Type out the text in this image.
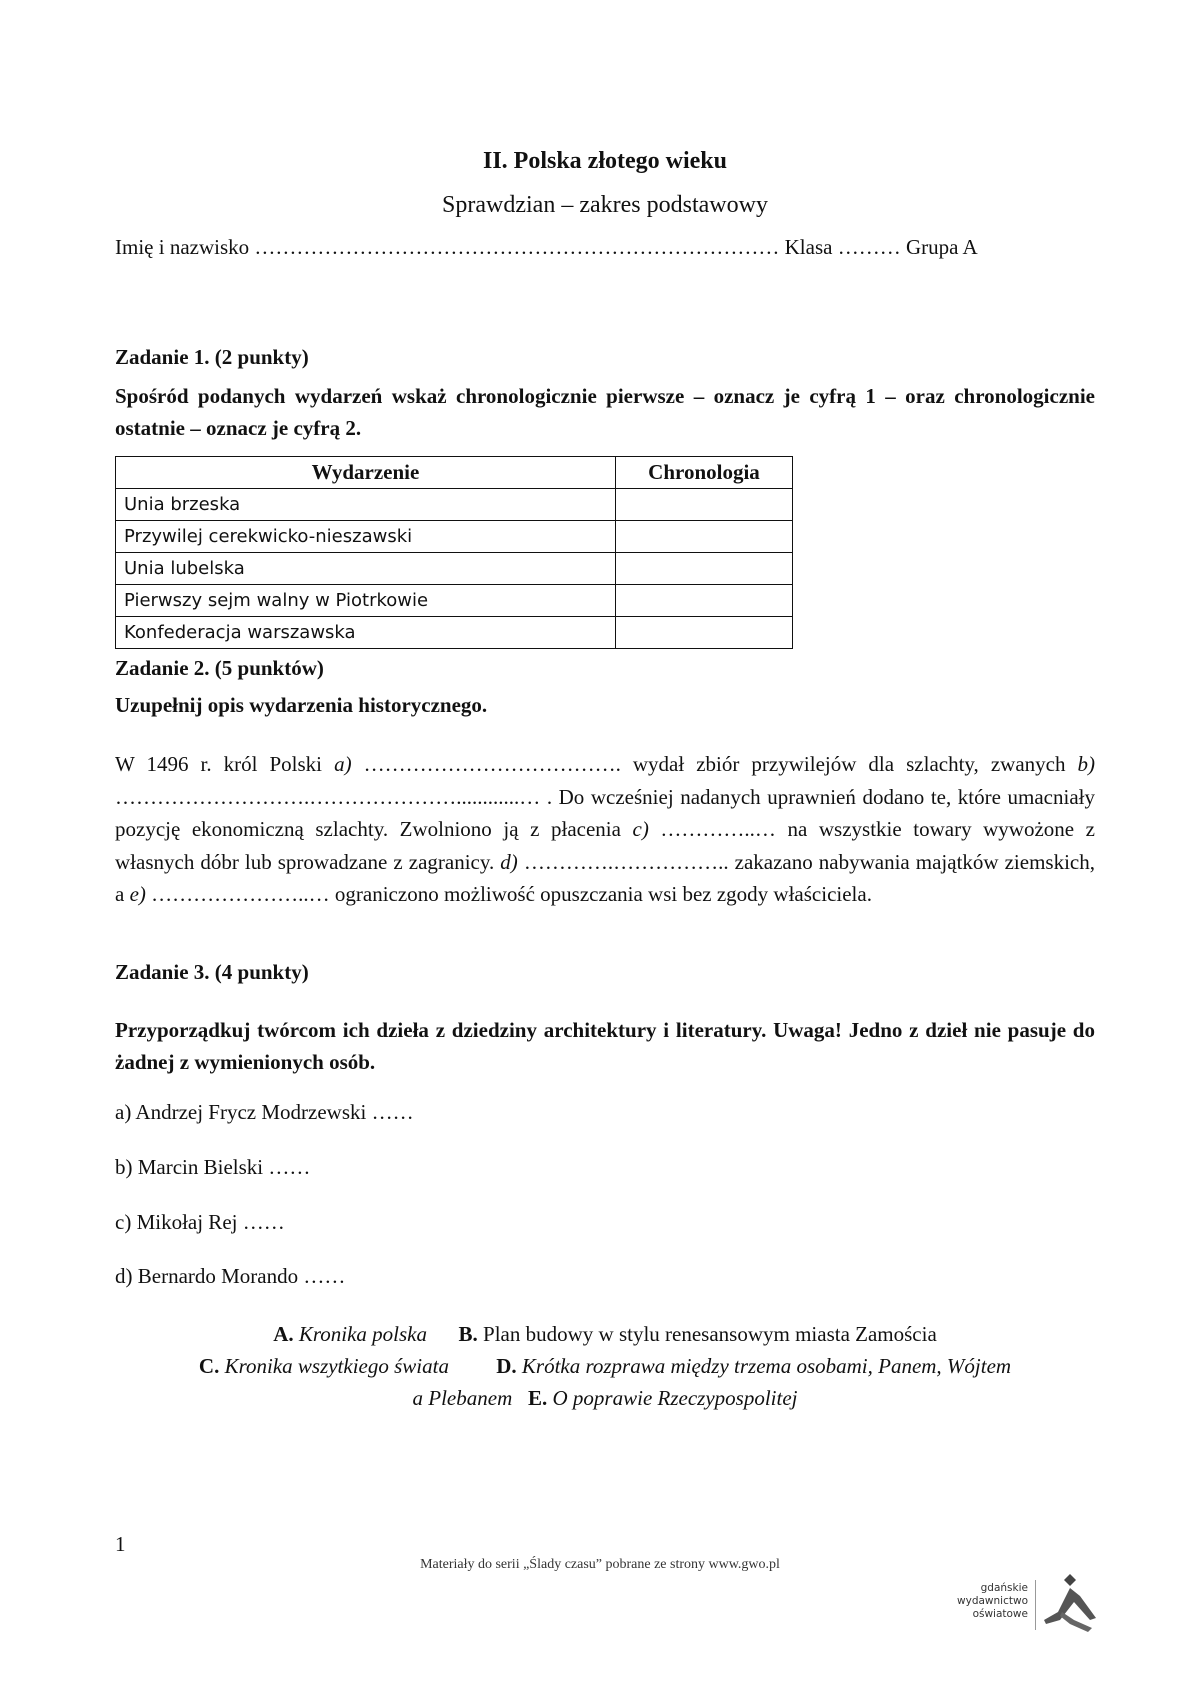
II. Polska złotego wieku
Sprawdzian – zakres podstawowy
Imię i nazwisko ………………………………………………………………… Klasa ……… Grupa A
Zadanie 1. (2 punkty)
Spośród podanych wydarzeń wskaż chronologicznie pierwsze – oznacz je cyfrą 1 – oraz chronologicznie ostatnie – oznacz je cyfrą 2.
Wydarzenie	Chronologia
Unia brzeska	
Przywilej cerekwicko-nieszawski	
Unia lubelska	
Pierwszy sejm walny w Piotrkowie	
Konfederacja warszawska	
Zadanie 2. (5 punktów)
Uzupełnij opis wydarzenia historycznego.
W 1496 r. król Polski a) ………………………………. wydał zbiór przywilejów dla szlachty, zwanych b) ……………………….…………………............… . Do wcześniej nadanych uprawnień dodano te, które umacniały pozycję ekonomiczną szlachty. Zwolniono ją z płacenia c) …………..… na wszystkie towary wywożone z własnych dóbr lub sprowadzane z zagranicy. d) ………….…………….. zakazano nabywania majątków ziemskich, a e) …………………..… ograniczono możliwość opuszczania wsi bez zgody właściciela.
Zadanie 3. (4 punkty)
Przyporządkuj twórcom ich dzieła z dziedziny architektury i literatury. Uwaga! Jedno z dzieł nie pasuje do żadnej z wymienionych osób.
a) Andrzej Frycz Modrzewski ……
b) Marcin Bielski ……
c) Mikołaj Rej ……
d) Bernardo Morando ……
A. Kronika polska B. Plan budowy w stylu renesansowym miasta Zamościa
C. Kronika wszytkiego świata D. Krótka rozprawa między trzema osobami, Panem, Wójtem
a Plebanem E. O poprawie Rzeczypospolitej
1
Materiały do serii „Ślady czasu” pobrane ze strony www.gwo.pl
gdańskie
wydawnictwo
oświatowe
